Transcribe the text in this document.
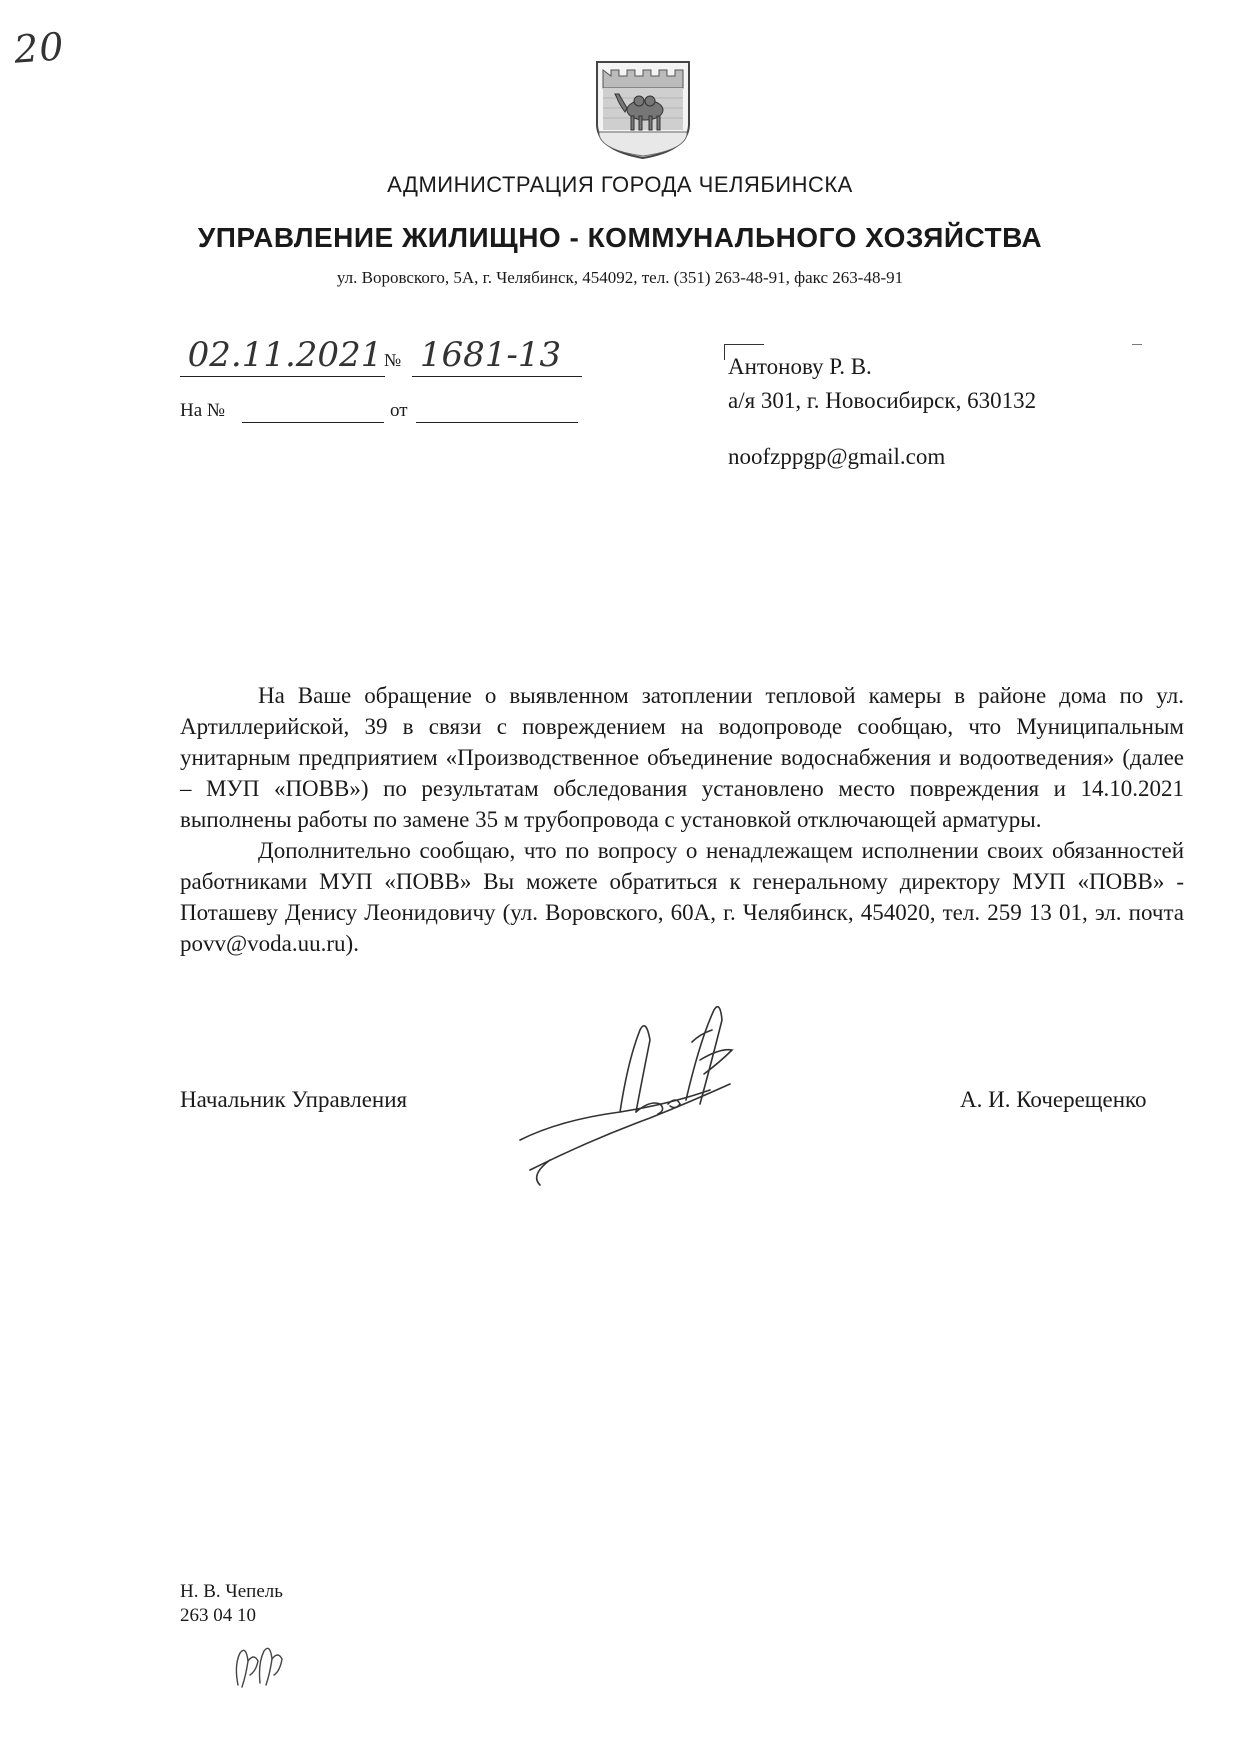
20
АДМИНИСТРАЦИЯ ГОРОДА ЧЕЛЯБИНСКА
УПРАВЛЕНИЕ ЖИЛИЩНО - КОММУНАЛЬНОГО ХОЗЯЙСТВА
ул. Воровского, 5А, г. Челябинск, 454092, тел. (351) 263-48-91, факс 263-48-91
02.11.2021 № 1681-13
На №	от
Антонову Р. В.
а/я 301, г. Новосибирск, 630132
noofzppgp@gmail.com

На Ваше обращение о выявленном затоплении тепловой камеры в районе дома по ул. Артиллерийской, 39 в связи с повреждением на водопроводе сообщаю, что Муниципальным унитарным предприятием «Производственное объединение водоснабжения и водоотведения» (далее – МУП «ПОВВ») по результатам обследования установлено место повреждения и 14.10.2021 выполнены работы по замене 35 м трубопровода с установкой отключающей арматуры.

Дополнительно сообщаю, что по вопросу о ненадлежащем исполнении своих обязанностей работниками МУП «ПОВВ» Вы можете обратиться к генеральному директору МУП «ПОВВ» - Поташеву Денису Леонидовичу (ул. Воровского, 60А, г. Челябинск, 454020, тел. 259 13 01, эл. почта povv@voda.uu.ru).

Начальник Управления	А. И. Кочерещенко
Н. В. Чепель
263 04 10
